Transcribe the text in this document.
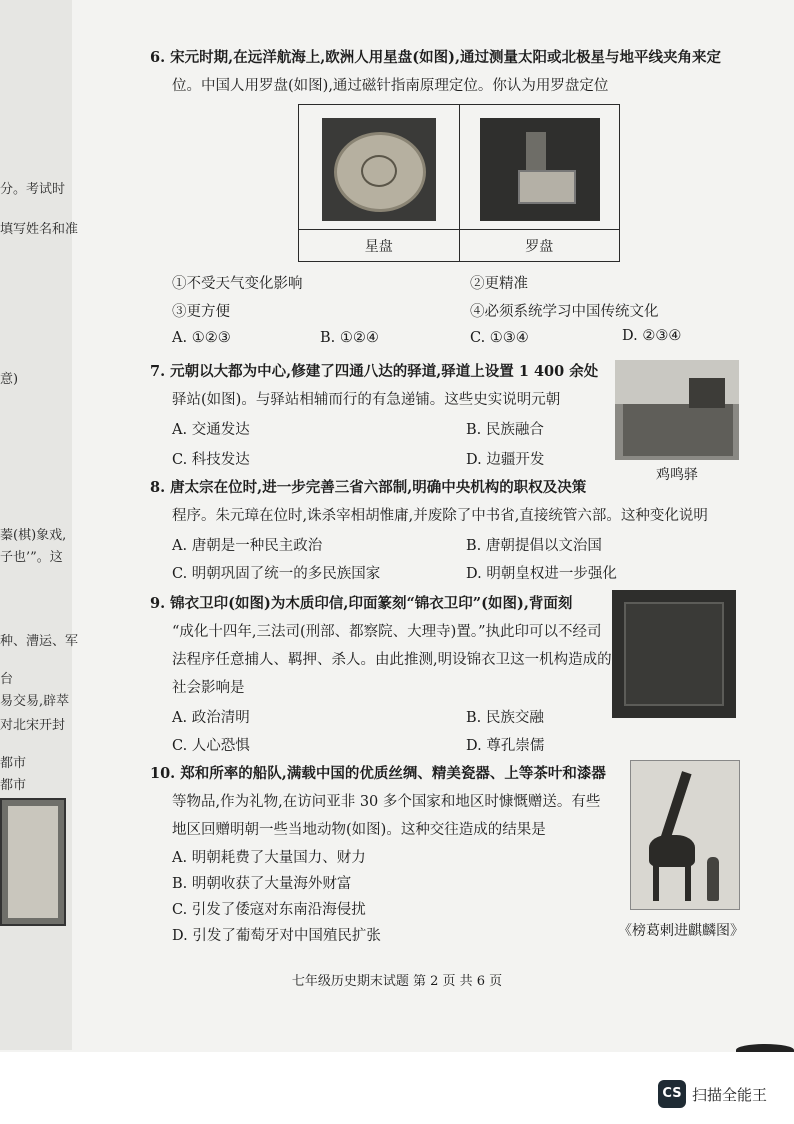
分。考试时
填写姓名和准
意)
蓁(棋)象戏,
子也’”。这
种、漕运、军
台
易交易,辟萃
对北宋开封
都市
都市
6. 宋元时期,在远洋航海上,欧洲人用星盘(如图),通过测量太阳或北极星与地平线夹角来定
位。中国人用罗盘(如图),通过磁针指南原理定位。你认为用罗盘定位

星盘	罗盘
①不受天气变化影响	②更精准
③更方便	④必须系统学习中国传统文化
A. ①②③	B. ①②④	C. ①③④	D. ②③④
7. 元朝以大都为中心,修建了四通八达的驿道,驿道上设置 1 400 余处
驿站(如图)。与驿站相辅而行的有急递铺。这些史实说明元朝
A. 交通发达	B. 民族融合
C. 科技发达	D. 边疆开发
鸡鸣驿
8. 唐太宗在位时,进一步完善三省六部制,明确中央机构的职权及决策
程序。朱元璋在位时,诛杀宰相胡惟庸,并废除了中书省,直接统管六部。这种变化说明
A. 唐朝是一种民主政治	B. 唐朝提倡以文治国
C. 明朝巩固了统一的多民族国家	D. 明朝皇权进一步强化
9. 锦衣卫印(如图)为木质印信,印面篆刻“锦衣卫印”(如图),背面刻
“成化十四年,三法司(刑部、都察院、大理寺)置。”执此印可以不经司
法程序任意捕人、羁押、杀人。由此推测,明设锦衣卫这一机构造成的
社会影响是
A. 政治清明	B. 民族交融
C. 人心恐惧	D. 尊孔崇儒
10. 郑和所率的船队,满载中国的优质丝绸、精美瓷器、上等茶叶和漆器
等物品,作为礼物,在访问亚非 30 多个国家和地区时慷慨赠送。有些
地区回赠明朝一些当地动物(如图)。这种交往造成的结果是
A. 明朝耗费了大量国力、财力
B. 明朝收获了大量海外财富
C. 引发了倭寇对东南沿海侵扰
D. 引发了葡萄牙对中国殖民扩张	《榜葛剌进麒麟图》
七年级历史期末试题 第 2 页 共 6 页
CS 扫描全能王
